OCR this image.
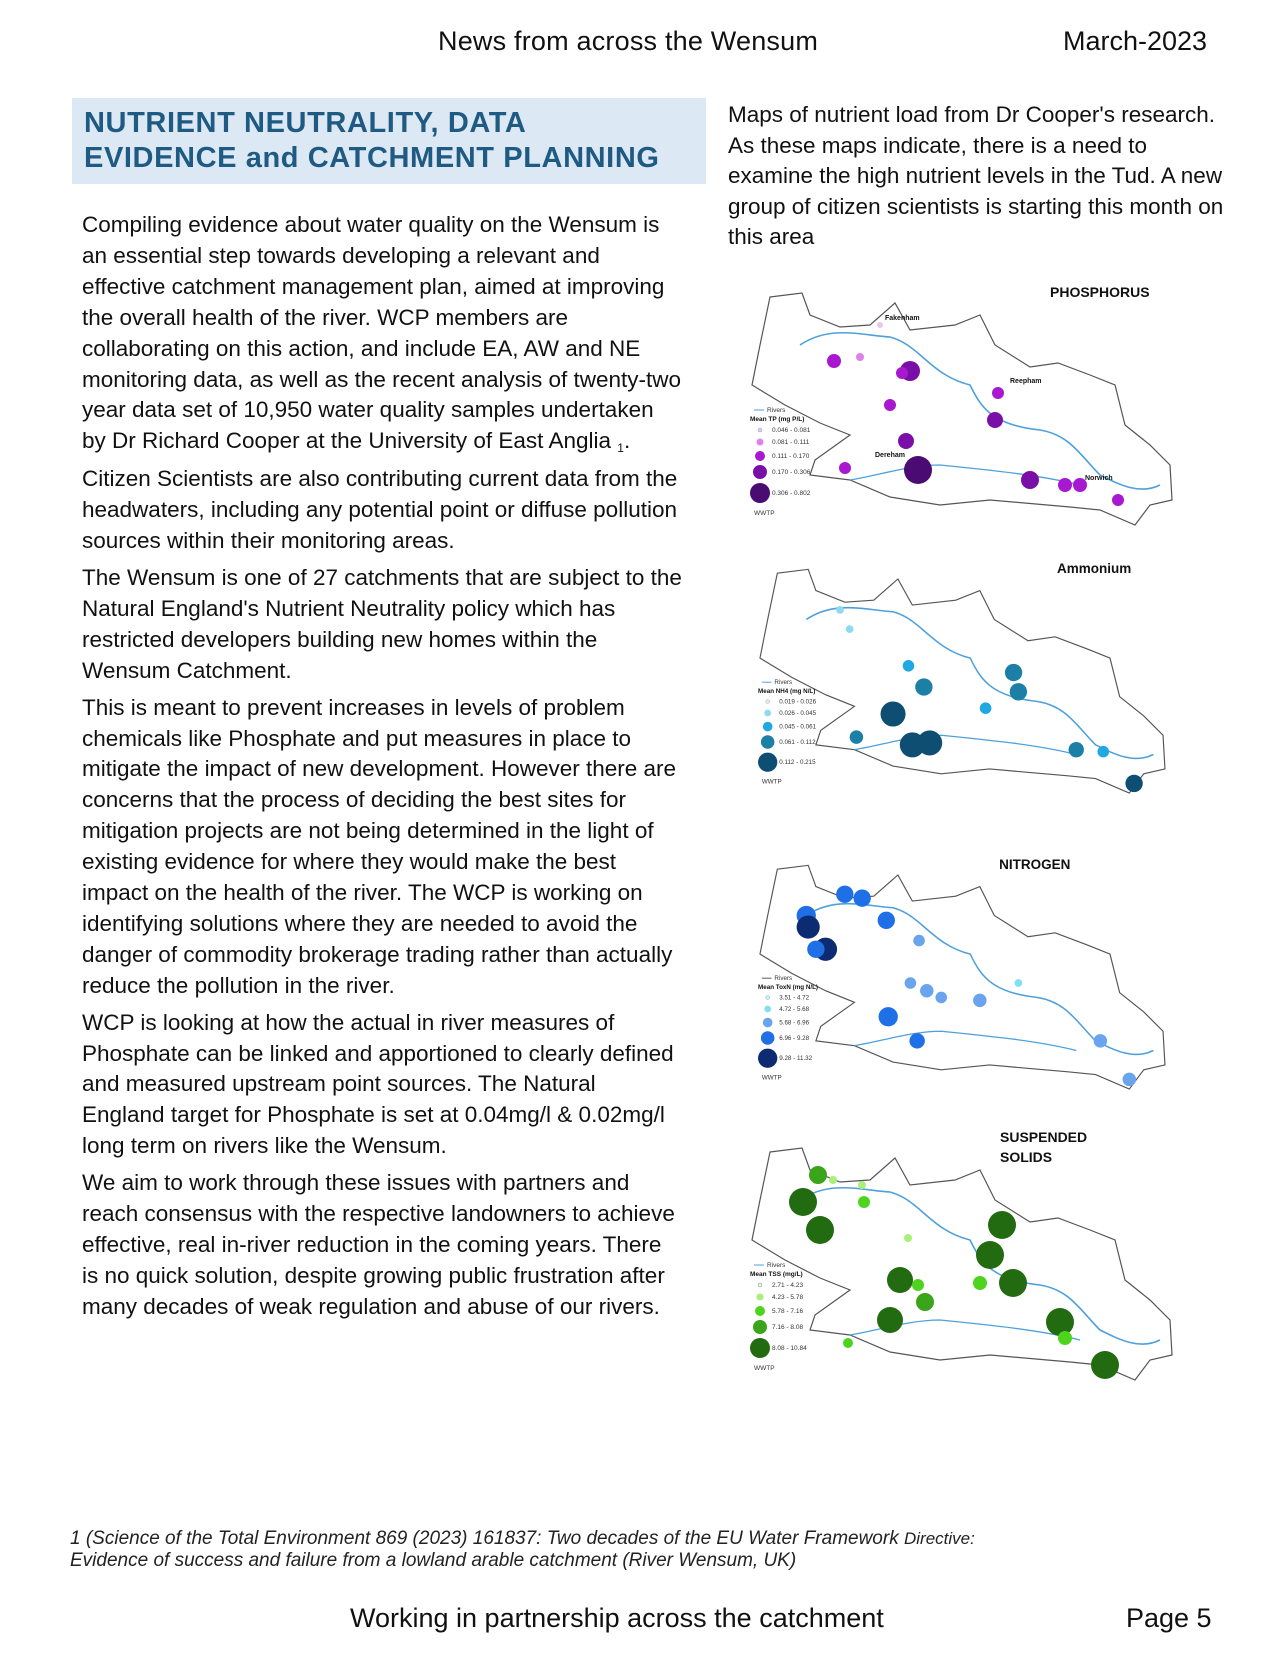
News from across the Wensum	March-2023
NUTRIENT NEUTRALITY, DATA
EVIDENCE and CATCHMENT PLANNING

Compiling evidence about water quality on the Wensum is an essential step towards developing a relevant and effective catchment management plan, aimed at improving the overall health of the river. WCP members are collaborating on this action, and include EA, AW and NE monitoring data, as well as the recent analysis of twenty-two year data set of 10,950 water quality samples undertaken by Dr Richard Cooper at the University of East Anglia $_1$. Citizen Scientists are also contributing current data from the headwaters, including any potential point or diffuse pollution sources within their monitoring areas.

The Wensum is one of 27 catchments that are subject to the Natural England's Nutrient Neutrality policy which has restricted developers building new homes within the Wensum Catchment.

This is meant to prevent increases in levels of problem chemicals like Phosphate and put measures in place to mitigate the impact of new development. However there are concerns that the process of deciding the best sites for mitigation projects are not being determined in the light of existing evidence for where they would make the best impact on the health of the river. The WCP is working on identifying solutions where they are needed to avoid the danger of commodity brokerage trading rather than actually reduce the pollution in the river.

WCP is looking at how the actual in river measures of Phosphate can be linked and apportioned to clearly defined and measured upstream point sources. The Natural England target for Phosphate is set at 0.04mg/l & 0.02mg/l long term on rivers like the Wensum.

We aim to work through these issues with partners and reach consensus with the respective landowners to achieve effective, real in-river reduction in the coming years. There is no quick solution, despite growing public frustration after many decades of weak regulation and abuse of our rivers.

Maps of nutrient load from Dr Cooper's research. As these maps indicate, there is a need to examine the high nutrient levels in the Tud. A new group of citizen scientists is starting this month on this area
PHOSPHORUS
Fakenham
Reepham
Dereham
Norwich
Rivers
Mean TP (mg P/L)
0.046 - 0.081
0.081 - 0.111
0.111 - 0.170
0.170 - 0.306
0.306 - 0.802
WWTP
Ammonium
Rivers
Mean NH4 (mg N/L)
0.019 - 0.026
0.026 - 0.045
0.045 - 0.061
0.061 - 0.112
0.112 - 0.215
WWTP
NITROGEN
Rivers
Mean ToxN (mg N/L)
3.51 - 4.72
4.72 - 5.68
5.68 - 6.96
6.96 - 9.28
9.28 - 11.32
WWTP
SUSPENDED
SOLIDS
Rivers
Mean TSS (mg/L)
2.71 - 4.23
4.23 - 5.78
5.78 - 7.16
7.16 - 8.08
8.08 - 10.84
WWTP
1 (Science of the Total Environment 869 (2023) 161837: Two decades of the EU Water Framework Directive:
Evidence of success and failure from a lowland arable catchment (River Wensum, UK)
Working in partnership across the catchment	Page 5
